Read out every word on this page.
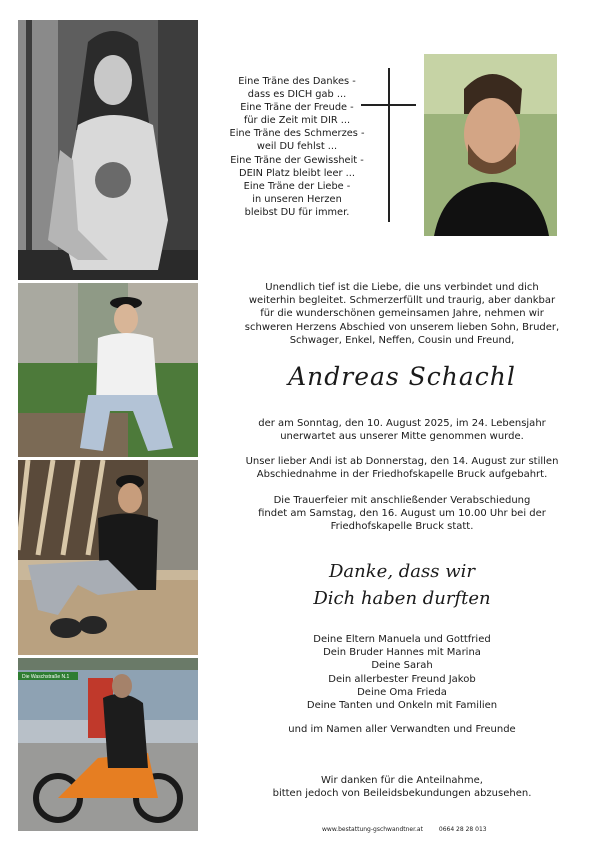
Die Waschstraße N.1
Eine Träne des Dankes -
dass es DICH gab ...
Eine Träne der Freude -
für die Zeit mit DIR ...
Eine Träne des Schmerzes -
weil DU fehlst ...
Eine Träne der Gewissheit -
DEIN Platz bleibt leer ...
Eine Träne der Liebe -
in unseren Herzen
bleibst DU für immer.
Unendlich tief ist die Liebe, die uns verbindet und dich
weiterhin begleitet. Schmerzerfüllt und traurig, aber dankbar
für die wunderschönen gemeinsamen Jahre, nehmen wir
schweren Herzens Abschied von unserem lieben Sohn, Bruder,
Schwager, Enkel, Neffen, Cousin und Freund,
Andreas Schachl
der am Sonntag, den 10. August 2025, im 24. Lebensjahr
unerwartet aus unserer Mitte genommen wurde.
Unser lieber Andi ist ab Donnerstag, den 14. August zur stillen
Abschiednahme in der Friedhofskapelle Bruck aufgebahrt.
Die Trauerfeier mit anschließender Verabschiedung
findet am Samstag, den 16. August um 10.00 Uhr bei der
Friedhofskapelle Bruck statt.
Danke, dass wir
Dich haben durften
Deine Eltern Manuela und Gottfried
Dein Bruder Hannes mit Marina
Deine Sarah
Dein allerbester Freund Jakob
Deine Oma Frieda
Deine Tanten und Onkeln mit Familien
und im Namen aller Verwandten und Freunde
Wir danken für die Anteilnahme,
bitten jedoch von Beileidsbekundungen abzusehen.
www.bestattung-gschwandtner.at	0664 28 28 013
